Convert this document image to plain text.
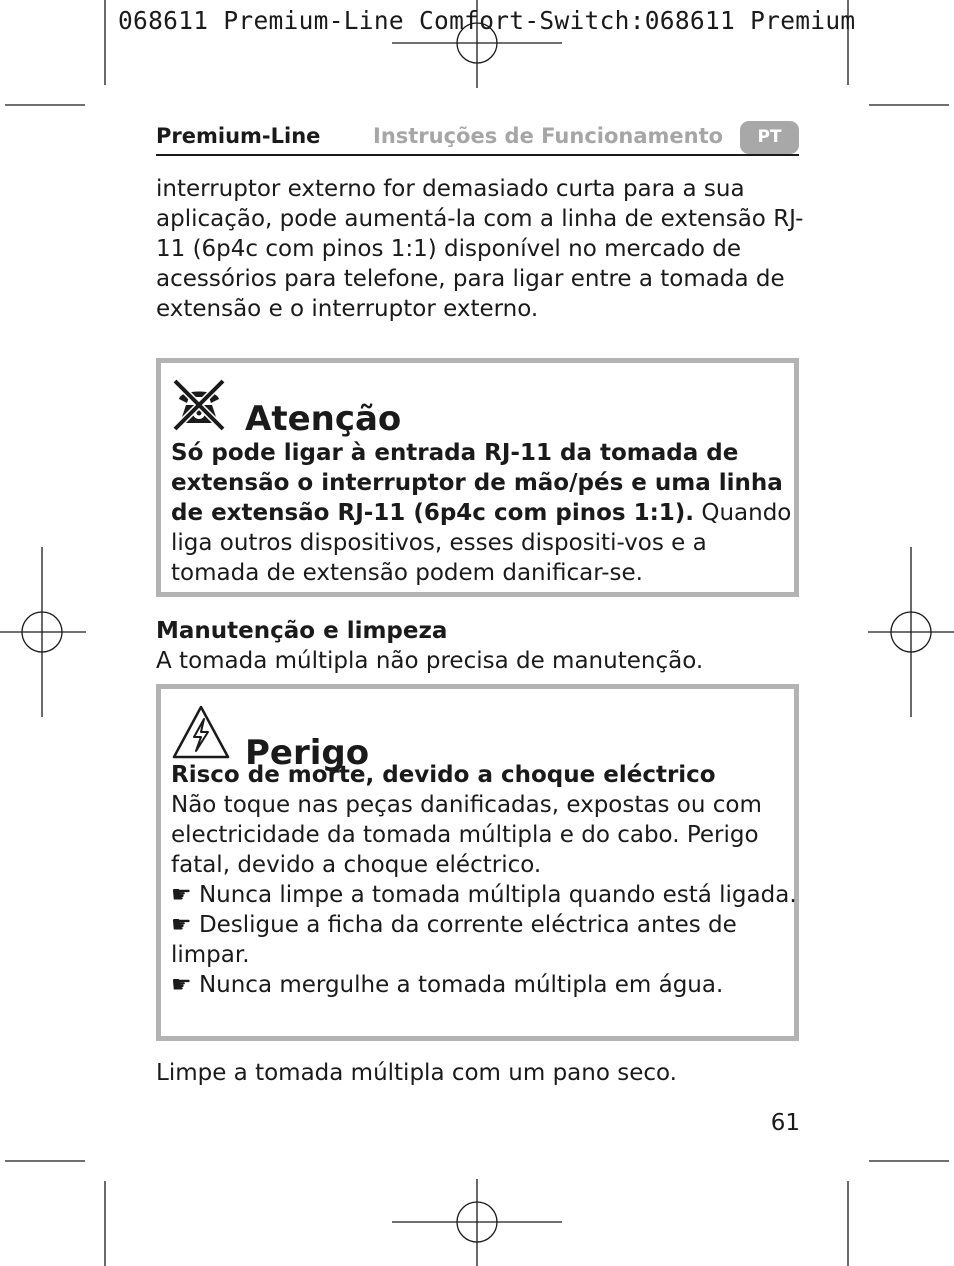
068611 Premium-Line Comfort-Switch:068611 Premium
Premium-Line	Instruções de Funcionamento	PT
interruptor externo for demasiado curta para a sua aplicação, pode aumentá-la com a linha de extensão RJ-11 (6p4c com pinos 1:1) disponível no mercado de acessórios para telefone, para ligar entre a tomada de extensão e o interruptor externo.
Atenção
Só pode ligar à entrada RJ-11 da tomada de extensão o interruptor de mão/pés e uma linha de extensão RJ-11 (6p4c com pinos 1:1). Quando liga outros dispositivos, esses dispositi-vos e a tomada de extensão podem danificar-se.
Manutenção e limpeza
A tomada múltipla não precisa de manutenção.
Perigo
Risco de morte, devido a choque eléctrico
Não toque nas peças danificadas, expostas ou com electricidade da tomada múltipla e do cabo. Perigo fatal, devido a choque eléctrico.
☛ Nunca limpe a tomada múltipla quando está ligada.
☛ Desligue a ficha da corrente eléctrica antes de limpar.
☛ Nunca mergulhe a tomada múltipla em água.
Limpe a tomada múltipla com um pano seco.
61
